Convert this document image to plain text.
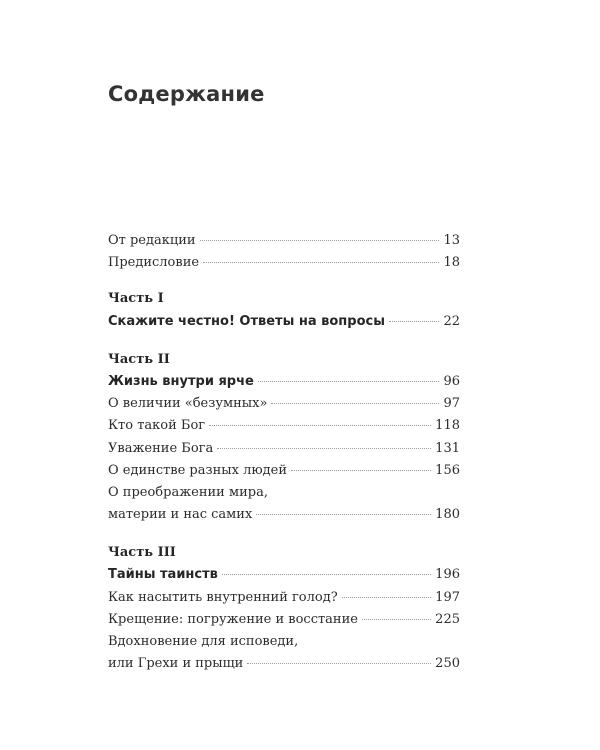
Содержание
От редакции	13
Предисловие	18
Часть I
Скажите честно! Ответы на вопросы	22
Часть II
Жизнь внутри ярче	96
О величии «безумных»	97
Кто такой Бог	118
Уважение Бога	131
О единстве разных людей	156
О преображении мира,
материи и нас самих	180
Часть III
Тайны таинств	196
Как насытить внутренний голод?	197
Крещение: погружение и восстание	225
Вдохновение для исповеди,
или Грехи и прыщи	250
